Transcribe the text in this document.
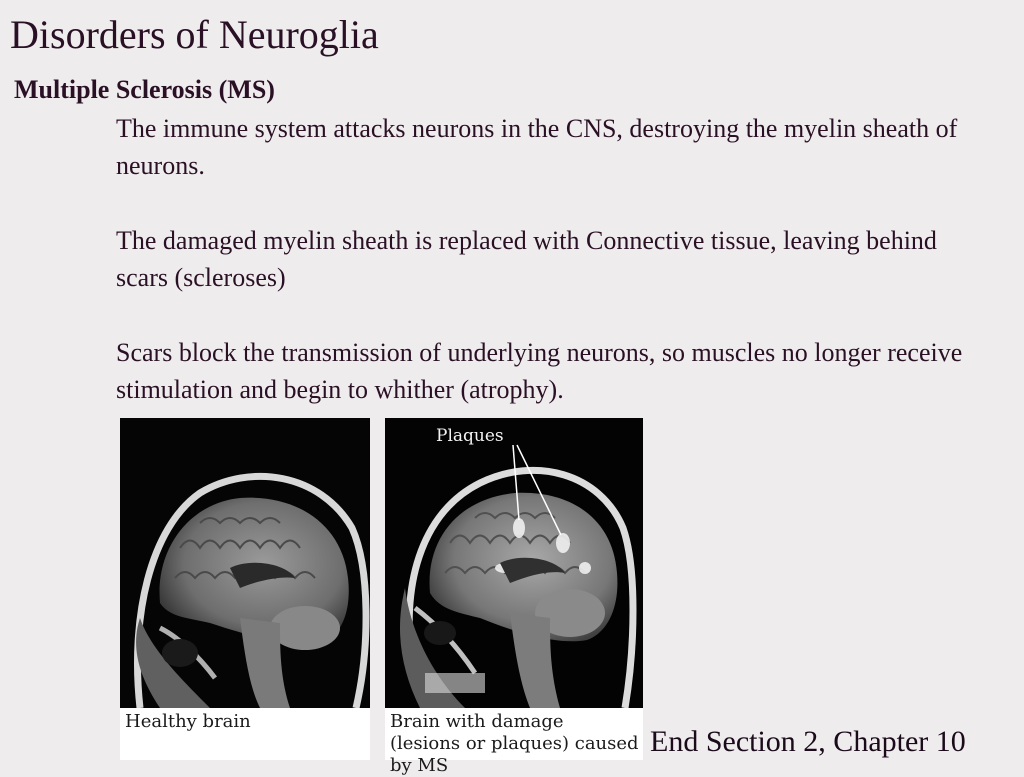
Disorders of Neuroglia
Multiple Sclerosis (MS)

The immune system attacks neurons in the CNS, destroying the myelin sheath of neurons.

The damaged myelin sheath is replaced with Connective tissue, leaving behind scars (scleroses)

Scars block the transmission of underlying neurons, so muscles no longer receive stimulation and begin to whither (atrophy).

Plaques
Healthy brain	Brain with damage (lesions or plaques) caused by MS
End Section 2, Chapter 10
